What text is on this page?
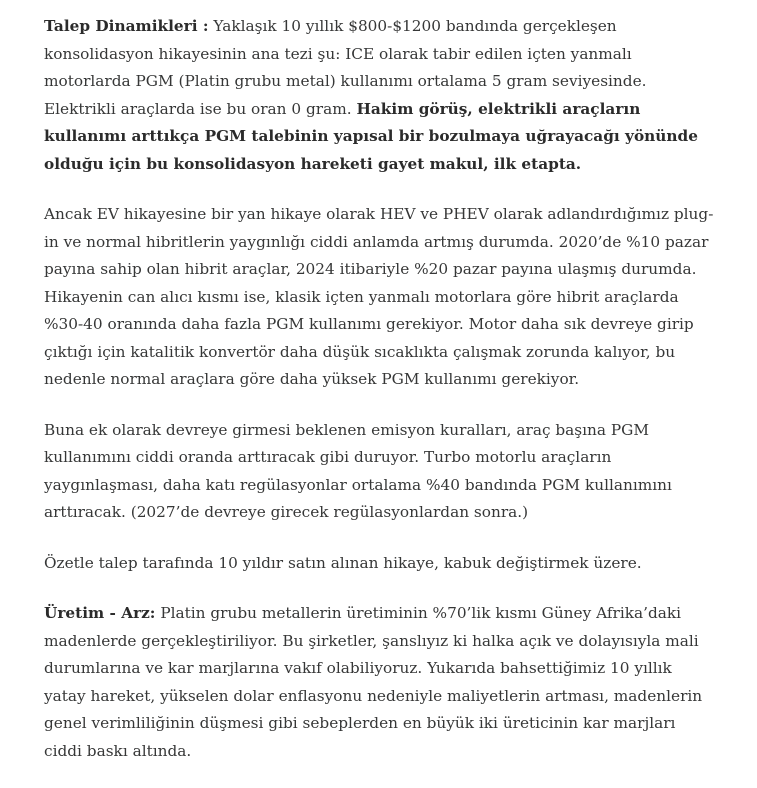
Talep Dinamikleri : Yaklaşık 10 yıllık $800-$1200 bandında gerçekleşen konsolidasyon hikayesinin ana tezi şu: ICE olarak tabir edilen içten yanmalı motorlarda PGM (Platin grubu metal) kullanımı ortalama 5 gram seviyesinde. Elektrikli araçlarda ise bu oran 0 gram. Hakim görüş, elektrikli araçların kullanımı arttıkça PGM talebinin yapısal bir bozulmaya uğrayacağı yönünde olduğu için bu konsolidasyon hareketi gayet makul, ilk etapta.

Ancak EV hikayesine bir yan hikaye olarak HEV ve PHEV olarak adlandırdığımız plug-in ve normal hibritlerin yaygınlığı ciddi anlamda artmış durumda. 2020’de %10 pazar payına sahip olan hibrit araçlar, 2024 itibariyle %20 pazar payına ulaşmış durumda. Hikayenin can alıcı kısmı ise, klasik içten yanmalı motorlara göre hibrit araçlarda %30-40 oranında daha fazla PGM kullanımı gerekiyor. Motor daha sık devreye girip çıktığı için katalitik konvertör daha düşük sıcaklıkta çalışmak zorunda kalıyor, bu nedenle normal araçlara göre daha yüksek PGM kullanımı gerekiyor.

Buna ek olarak devreye girmesi beklenen emisyon kuralları, araç başına PGM kullanımını ciddi oranda arttıracak gibi duruyor. Turbo motorlu araçların yaygınlaşması, daha katı regülasyonlar ortalama %40 bandında PGM kullanımını arttıracak. (2027’de devreye girecek regülasyonlardan sonra.)

Özetle talep tarafında 10 yıldır satın alınan hikaye, kabuk değiştirmek üzere.

Üretim - Arz: Platin grubu metallerin üretiminin %70’lik kısmı Güney Afrika’daki madenlerde gerçekleştiriliyor. Bu şirketler, şanslıyız ki halka açık ve dolayısıyla mali durumlarına ve kar marjlarına vakıf olabiliyoruz. Yukarıda bahsettiğimiz 10 yıllık yatay hareket, yükselen dolar enflasyonu nedeniyle maliyetlerin artması, madenlerin genel verimliliğinin düşmesi gibi sebeplerden en büyük iki üreticinin kar marjları ciddi baskı altında.
